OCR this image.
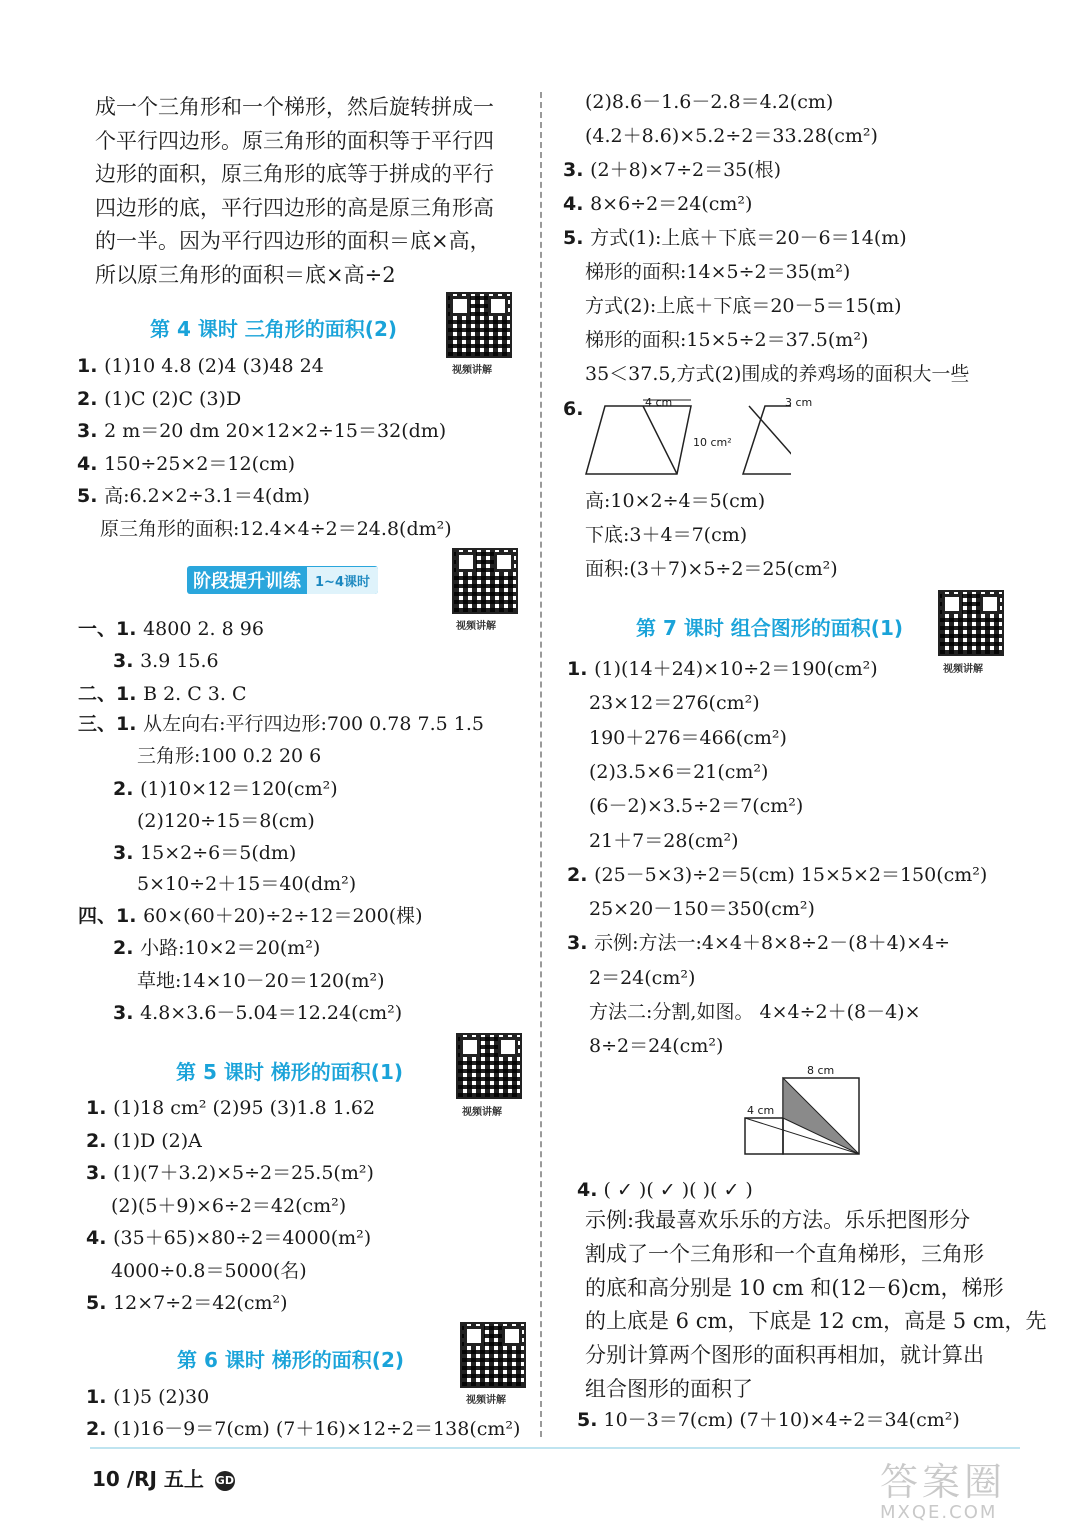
成一个三角形和一个梯形，然后旋转拼成一
个平行四边形。原三角形的面积等于平行四
边形的面积，原三角形的底等于拼成的平行
四边形的底，平行四边形的高是原三角形高
的一半。因为平行四边形的面积＝底×高，
所以原三角形的面积＝底×高÷2
第 4 课时 三角形的面积(2)
视频讲解
1. (1)10 4.8 (2)4 (3)48 24
2. (1)C (2)C (3)D
3. 2 m＝20 dm 20×12×2÷15＝32(dm)
4. 150÷25×2＝12(cm)
5. 高:6.2×2÷3.1＝4(dm)
原三角形的面积:12.4×4÷2＝24.8(dm²)
阶段提升训练	1~4课时
视频讲解
一、1. 4800 2. 8 96
3. 3.9 15.6
二、1. B 2. C 3. C
三、1. 从左向右:平行四边形:700 0.78 7.5 1.5
三角形:100 0.2 20 6
2. (1)10×12＝120(cm²)
(2)120÷15＝8(cm)
3. 15×2÷6＝5(dm)
5×10÷2＋15＝40(dm²)
四、1. 60×(60＋20)÷2÷12＝200(棵)
2. 小路:10×2＝20(m²)
草地:14×10－20＝120(m²)
3. 4.8×3.6－5.04＝12.24(cm²)
第 5 课时 梯形的面积(1)
视频讲解
1. (1)18 cm² (2)95 (3)1.8 1.62
2. (1)D (2)A
3. (1)(7＋3.2)×5÷2＝25.5(m²)
(2)(5＋9)×6÷2＝42(cm²)
4. (35＋65)×80÷2＝4000(m²)
4000÷0.8＝5000(名)
5. 12×7÷2＝42(cm²)
第 6 课时 梯形的面积(2)
视频讲解
1. (1)5 (2)30
2. (1)16－9＝7(cm) (7＋16)×12÷2＝138(cm²)
(2)8.6－1.6－2.8＝4.2(cm)
(4.2＋8.6)×5.2÷2＝33.28(cm²)
3. (2＋8)×7÷2＝35(根)
4. 8×6÷2＝24(cm²)
5. 方式(1):上底＋下底＝20－6＝14(m)
梯形的面积:14×5÷2＝35(m²)
方式(2):上底＋下底＝20－5＝15(m)
梯形的面积:15×5÷2＝37.5(m²)
35＜37.5,方式(2)围成的养鸡场的面积大一些
6.	4 cm
10 cm²
3 cm
高:10×2÷4＝5(cm)
下底:3＋4＝7(cm)
面积:(3＋7)×5÷2＝25(cm²)
第 7 课时 组合图形的面积(1)
视频讲解
1. (1)(14＋24)×10÷2＝190(cm²)
23×12＝276(cm²)
190＋276＝466(cm²)
(2)3.5×6＝21(cm²)
(6－2)×3.5÷2＝7(cm²)
21＋7＝28(cm²)
2. (25－5×3)÷2＝5(cm) 15×5×2＝150(cm²)
25×20－150＝350(cm²)
3. 示例:方法一:4×4＋8×8÷2－(8＋4)×4÷
2＝24(cm²)
方法二:分割,如图。 4×4÷2＋(8－4)×
8÷2＝24(cm²)
8 cm
4 cm
4. ( ✓ )( ✓ )( )( ✓ )
示例:我最喜欢乐乐的方法。乐乐把图形分
割成了一个三角形和一个直角梯形，三角形
的底和高分别是 10 cm 和(12－6)cm，梯形
的上底是 6 cm，下底是 12 cm，高是 5 cm，先
分别计算两个图形的面积再相加，就计算出
组合图形的面积了
5. 10－3＝7(cm) (7＋10)×4÷2＝34(cm²)
10 /RJ 五上 GD	答案圈
MXQE.COM
